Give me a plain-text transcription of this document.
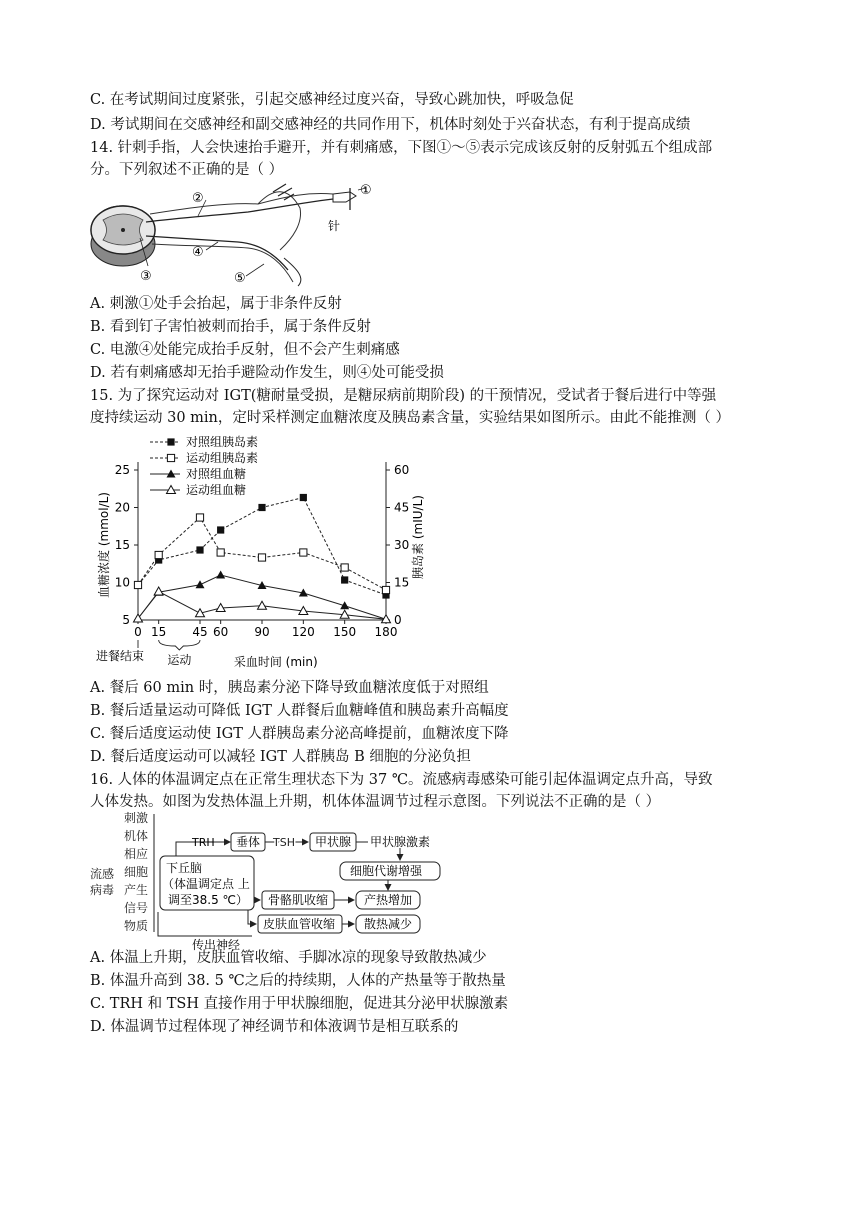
C. 在考试期间过度紧张，引起交感神经过度兴奋，导致心跳加快，呼吸急促
D. 考试期间在交感神经和副交感神经的共同作用下，机体时刻处于兴奋状态，有利于提高成绩
14. 针刺手指，人会快速抬手避开，并有刺痛感，下图①～⑤表示完成该反射的反射弧五个组成部
分。下列叙述不正确的是（ ）
②
①
针
③
④
⑤
A. 刺激①处手会抬起，属于非条件反射
B. 看到钉子害怕被刺而抬手，属于条件反射
C. 电激④处能完成抬手反射，但不会产生刺痛感
D. 若有刺痛感却无抬手避险动作发生，则④处可能受损
15. 为了探究运动对 IGT(糖耐量受损，是糖尿病前期阶段) 的干预情况，受试者于餐后进行中等强
度持续运动 30 min，定时采样测定血糖浓度及胰岛素含量，实验结果如图所示。由此不能推测（ ）
5
10
15
20
25
0
15
30
45
60
0 15 45 60 90 120 150 180
对照组胰岛素
运动组胰岛素
对照组血糖
运动组血糖
血糖浓度 (mmol/L)	胰岛素 (mIU/L)
采血时间 (min)
进餐结束 运动
A. 餐后 60 min 时，胰岛素分泌下降导致血糖浓度低于对照组
B. 餐后适量运动可降低 IGT 人群餐后血糖峰值和胰岛素升高幅度
C. 餐后适度运动使 IGT 人群胰岛素分泌高峰提前，血糖浓度下降
D. 餐后适度运动可以减轻 IGT 人群胰岛 B 细胞的分泌负担
16. 人体的体温调定点在正常生理状态下为 37 ℃。流感病毒感染可能引起体温调定点升高，导致
人体发热。如图为发热体温上升期，机体体温调节过程示意图。下列说法不正确的是（ ）
流感
病毒
刺激
机体
相应
细胞
产生
信号
物质
下丘脑
（体温调定点 上
调至38.5 ℃）
TRH 垂体 TSH 甲状腺 甲状腺激素
细胞代谢增强
骨骼肌收缩	产热增加
皮肤血管收缩 散热减少
传出神经
A. 体温上升期，皮肤血管收缩、手脚冰凉的现象导致散热减少
B. 体温升高到 38. 5 ℃之后的持续期，人体的产热量等于散热量
C. TRH 和 TSH 直接作用于甲状腺细胞，促进其分泌甲状腺激素
D. 体温调节过程体现了神经调节和体液调节是相互联系的
